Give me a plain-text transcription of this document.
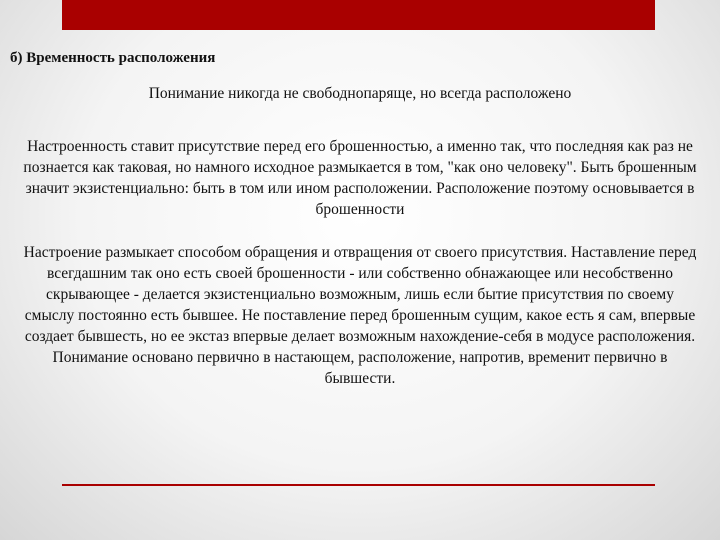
б) Временность расположения
Понимание никогда не свободнопаряще, но всегда расположено
Настроенность ставит присутствие перед его брошенностью, а именно так, что последняя как раз не познается как таковая, но намного исходное размыкается в том, "как оно человеку". Быть брошенным значит экзистенциально: быть в том или ином расположении. Расположение поэтому основывается в брошенности
Настроение размыкает способом обращения и отвращения от своего присутствия. Наставление перед всегдашним так оно есть своей брошенности - или собственно обнажающее или несобственно скрывающее - делается экзистенциально возможным, лишь если бытие присутствия по своему смыслу постоянно есть бывшее. Не поставление перед брошенным сущим, какое есть я сам, впервые создает бывшесть, но ее экстаз впервые делает возможным нахождение-себя в модусе расположения. Понимание основано первично в настающем, расположение, напротив, временит первично в бывшести.
